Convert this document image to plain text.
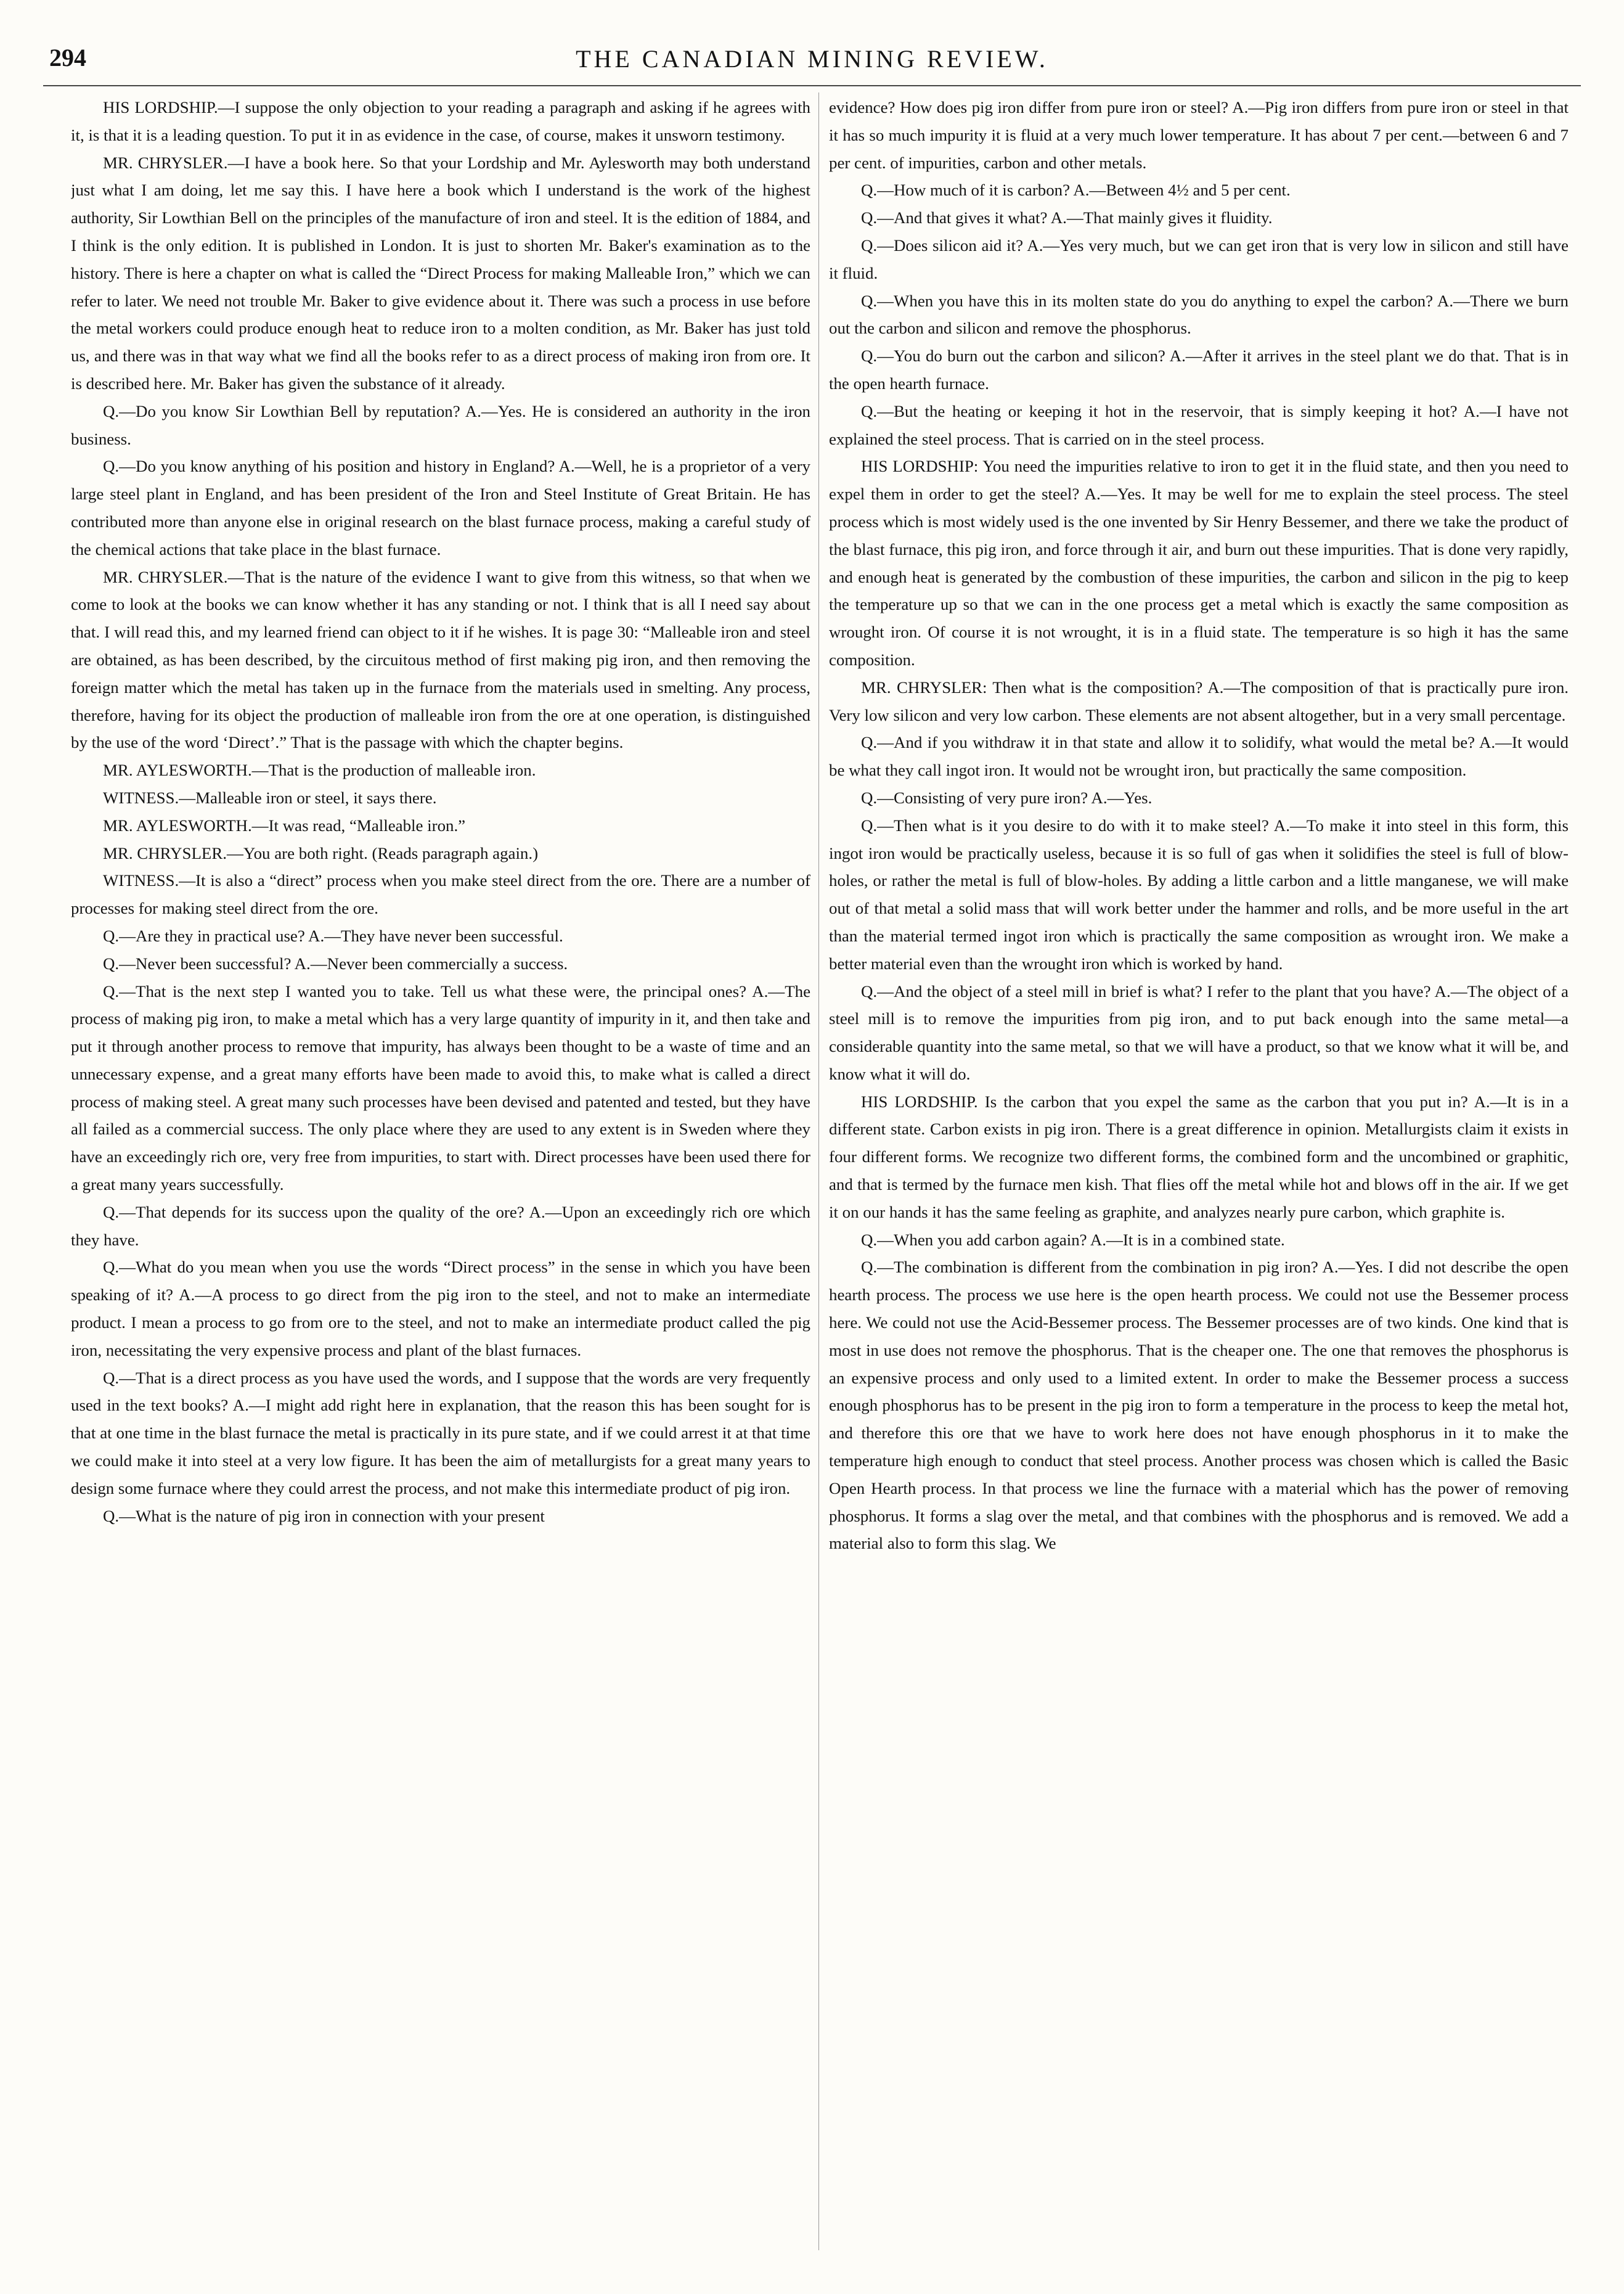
294	THE CANADIAN MINING REVIEW.

HIS LORDSHIP.—I suppose the only objection to your reading a paragraph and asking if he agrees with it, is that it is a leading question. To put it in as evidence in the case, of course, makes it unsworn testimony.

MR. CHRYSLER.—I have a book here. So that your Lordship and Mr. Aylesworth may both understand just what I am doing, let me say this. I have here a book which I understand is the work of the highest authority, Sir Lowthian Bell on the principles of the manufacture of iron and steel. It is the edition of 1884, and I think is the only edition. It is published in London. It is just to shorten Mr. Baker's examination as to the history. There is here a chapter on what is called the “Direct Process for making Malleable Iron,” which we can refer to later. We need not trouble Mr. Baker to give evidence about it. There was such a process in use before the metal workers could produce enough heat to reduce iron to a molten condition, as Mr. Baker has just told us, and there was in that way what we find all the books refer to as a direct process of making iron from ore. It is described here. Mr. Baker has given the substance of it already.

Q.—Do you know Sir Lowthian Bell by reputation? A.—Yes. He is considered an authority in the iron business.

Q.—Do you know anything of his position and history in England? A.—Well, he is a proprietor of a very large steel plant in England, and has been president of the Iron and Steel Institute of Great Britain. He has contributed more than anyone else in original research on the blast furnace process, making a careful study of the chemical actions that take place in the blast furnace.

MR. CHRYSLER.—That is the nature of the evidence I want to give from this witness, so that when we come to look at the books we can know whether it has any standing or not. I think that is all I need say about that. I will read this, and my learned friend can object to it if he wishes. It is page 30: “Malleable iron and steel are obtained, as has been described, by the circuitous method of first making pig iron, and then removing the foreign matter which the metal has taken up in the furnace from the materials used in smelting. Any process, therefore, having for its object the production of malleable iron from the ore at one operation, is distinguished by the use of the word ‘Direct’.” That is the passage with which the chapter begins.

MR. AYLESWORTH.—That is the production of malleable iron.

WITNESS.—Malleable iron or steel, it says there.

MR. AYLESWORTH.—It was read, “Malleable iron.”

MR. CHRYSLER.—You are both right. (Reads paragraph again.)

WITNESS.—It is also a “direct” process when you make steel direct from the ore. There are a number of processes for making steel direct from the ore.

Q.—Are they in practical use? A.—They have never been successful.

Q.—Never been successful? A.—Never been commercially a success.

Q.—That is the next step I wanted you to take. Tell us what these were, the principal ones? A.—The process of making pig iron, to make a metal which has a very large quantity of impurity in it, and then take and put it through another process to remove that impurity, has always been thought to be a waste of time and an unnecessary expense, and a great many efforts have been made to avoid this, to make what is called a direct process of making steel. A great many such processes have been devised and patented and tested, but they have all failed as a commercial success. The only place where they are used to any extent is in Sweden where they have an exceedingly rich ore, very free from impurities, to start with. Direct processes have been used there for a great many years successfully.

Q.—That depends for its success upon the quality of the ore? A.—Upon an exceedingly rich ore which they have.

Q.—What do you mean when you use the words “Direct process” in the sense in which you have been speaking of it? A.—A process to go direct from the pig iron to the steel, and not to make an intermediate product. I mean a process to go from ore to the steel, and not to make an intermediate product called the pig iron, necessitating the very expensive process and plant of the blast furnaces.

Q.—That is a direct process as you have used the words, and I suppose that the words are very frequently used in the text books? A.—I might add right here in explanation, that the reason this has been sought for is that at one time in the blast furnace the metal is practically in its pure state, and if we could arrest it at that time we could make it into steel at a very low figure. It has been the aim of metallurgists for a great many years to design some furnace where they could arrest the process, and not make this intermediate product of pig iron.

Q.—What is the nature of pig iron in connection with your present

evidence? How does pig iron differ from pure iron or steel? A.—Pig iron differs from pure iron or steel in that it has so much impurity it is fluid at a very much lower temperature. It has about 7 per cent.—between 6 and 7 per cent. of impurities, carbon and other metals.

Q.—How much of it is carbon? A.—Between 4½ and 5 per cent.

Q.—And that gives it what? A.—That mainly gives it fluidity.

Q.—Does silicon aid it? A.—Yes very much, but we can get iron that is very low in silicon and still have it fluid.

Q.—When you have this in its molten state do you do anything to expel the carbon? A.—There we burn out the carbon and silicon and remove the phosphorus.

Q.—You do burn out the carbon and silicon? A.—After it arrives in the steel plant we do that. That is in the open hearth furnace.

Q.—But the heating or keeping it hot in the reservoir, that is simply keeping it hot? A.—I have not explained the steel process. That is carried on in the steel process.

HIS LORDSHIP: You need the impurities relative to iron to get it in the fluid state, and then you need to expel them in order to get the steel? A.—Yes. It may be well for me to explain the steel process. The steel process which is most widely used is the one invented by Sir Henry Bessemer, and there we take the product of the blast furnace, this pig iron, and force through it air, and burn out these impurities. That is done very rapidly, and enough heat is generated by the combustion of these impurities, the carbon and silicon in the pig to keep the temperature up so that we can in the one process get a metal which is exactly the same composition as wrought iron. Of course it is not wrought, it is in a fluid state. The temperature is so high it has the same composition.

MR. CHRYSLER: Then what is the composition? A.—The composition of that is practically pure iron. Very low silicon and very low carbon. These elements are not absent altogether, but in a very small percentage.

Q.—And if you withdraw it in that state and allow it to solidify, what would the metal be? A.—It would be what they call ingot iron. It would not be wrought iron, but practically the same composition.

Q.—Consisting of very pure iron? A.—Yes.

Q.—Then what is it you desire to do with it to make steel? A.—To make it into steel in this form, this ingot iron would be practically useless, because it is so full of gas when it solidifies the steel is full of blow-holes, or rather the metal is full of blow-holes. By adding a little carbon and a little manganese, we will make out of that metal a solid mass that will work better under the hammer and rolls, and be more useful in the art than the material termed ingot iron which is practically the same composition as wrought iron. We make a better material even than the wrought iron which is worked by hand.

Q.—And the object of a steel mill in brief is what? I refer to the plant that you have? A.—The object of a steel mill is to remove the impurities from pig iron, and to put back enough into the same metal—a considerable quantity into the same metal, so that we will have a product, so that we know what it will be, and know what it will do.

HIS LORDSHIP. Is the carbon that you expel the same as the carbon that you put in? A.—It is in a different state. Carbon exists in pig iron. There is a great difference in opinion. Metallurgists claim it exists in four different forms. We recognize two different forms, the combined form and the uncombined or graphitic, and that is termed by the furnace men kish. That flies off the metal while hot and blows off in the air. If we get it on our hands it has the same feeling as graphite, and analyzes nearly pure carbon, which graphite is.

Q.—When you add carbon again? A.—It is in a combined state.

Q.—The combination is different from the combination in pig iron? A.—Yes. I did not describe the open hearth process. The process we use here is the open hearth process. We could not use the Bessemer process here. We could not use the Acid-Bessemer process. The Bessemer processes are of two kinds. One kind that is most in use does not remove the phosphorus. That is the cheaper one. The one that removes the phosphorus is an expensive process and only used to a limited extent. In order to make the Bessemer process a success enough phosphorus has to be present in the pig iron to form a temperature in the process to keep the metal hot, and therefore this ore that we have to work here does not have enough phosphorus in it to make the temperature high enough to conduct that steel process. Another process was chosen which is called the Basic Open Hearth process. In that process we line the furnace with a material which has the power of removing phosphorus. It forms a slag over the metal, and that combines with the phosphorus and is removed. We add a material also to form this slag. We
